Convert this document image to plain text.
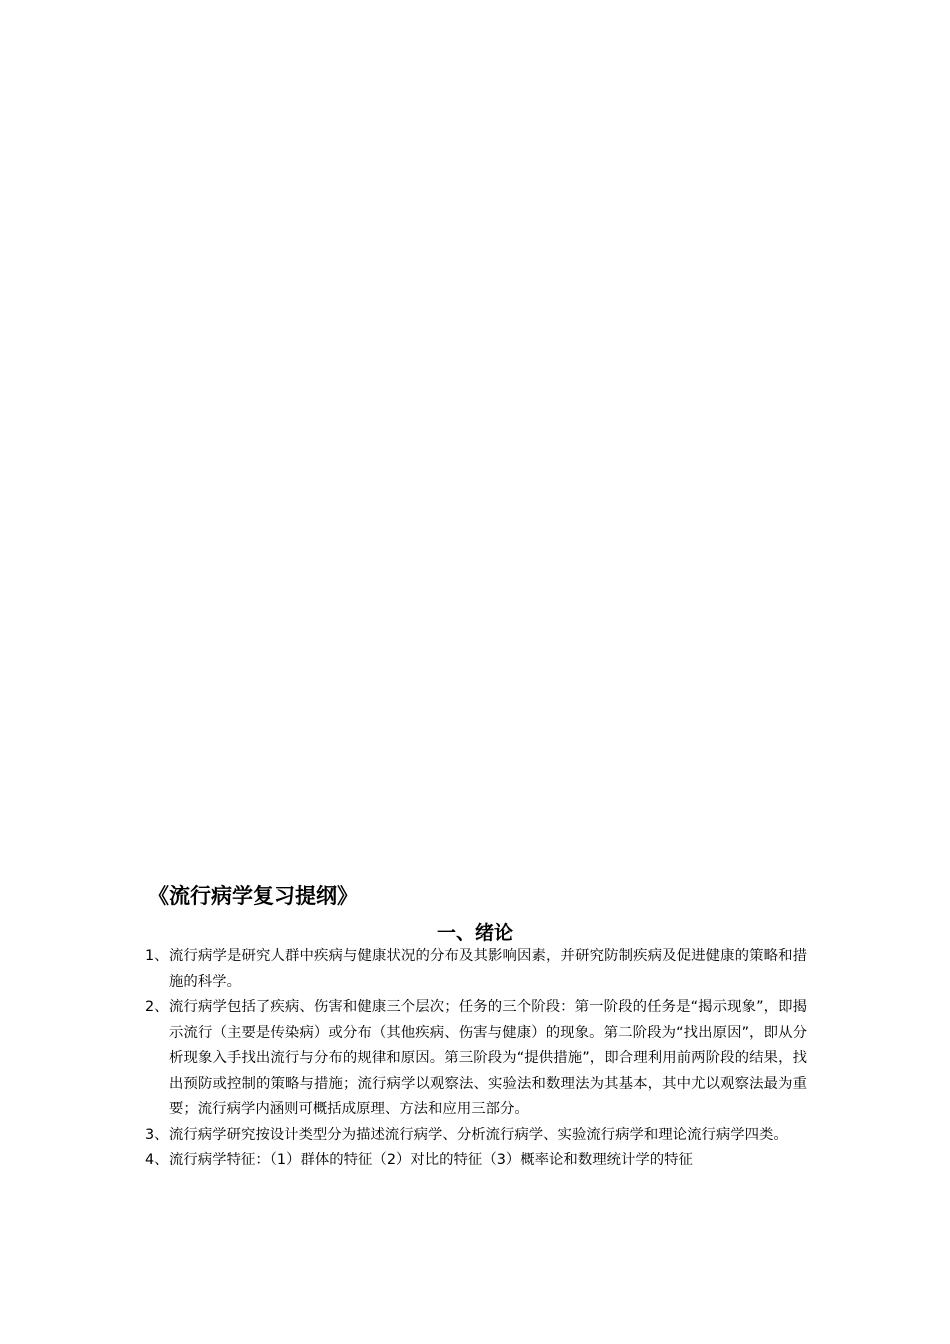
《流行病学复习提纲》
一、绪论
1、 流行病学是研究人群中疾病与健康状况的分布及其影响因素，并研究防制疾病及促进健康的策略和措施的科学。
2、 流行病学包括了疾病、伤害和健康三个层次；任务的三个阶段：第一阶段的任务是“揭示现象”，即揭示流行（主要是传染病）或分布（其他疾病、伤害与健康）的现象。第二阶段为“找出原因”，即从分析现象入手找出流行与分布的规律和原因。第三阶段为“提供措施”，即合理利用前两阶段的结果，找出预防或控制的策略与措施；流行病学以观察法、实验法和数理法为其基本，其中尤以观察法最为重要；流行病学内涵则可概括成原理、方法和应用三部分。
3、 流行病学研究按设计类型分为描述流行病学、分析流行病学、实验流行病学和理论流行病学四类。
4、 流行病学特征：（1）群体的特征（2）对比的特征（3）概率论和数理统计学的特征
